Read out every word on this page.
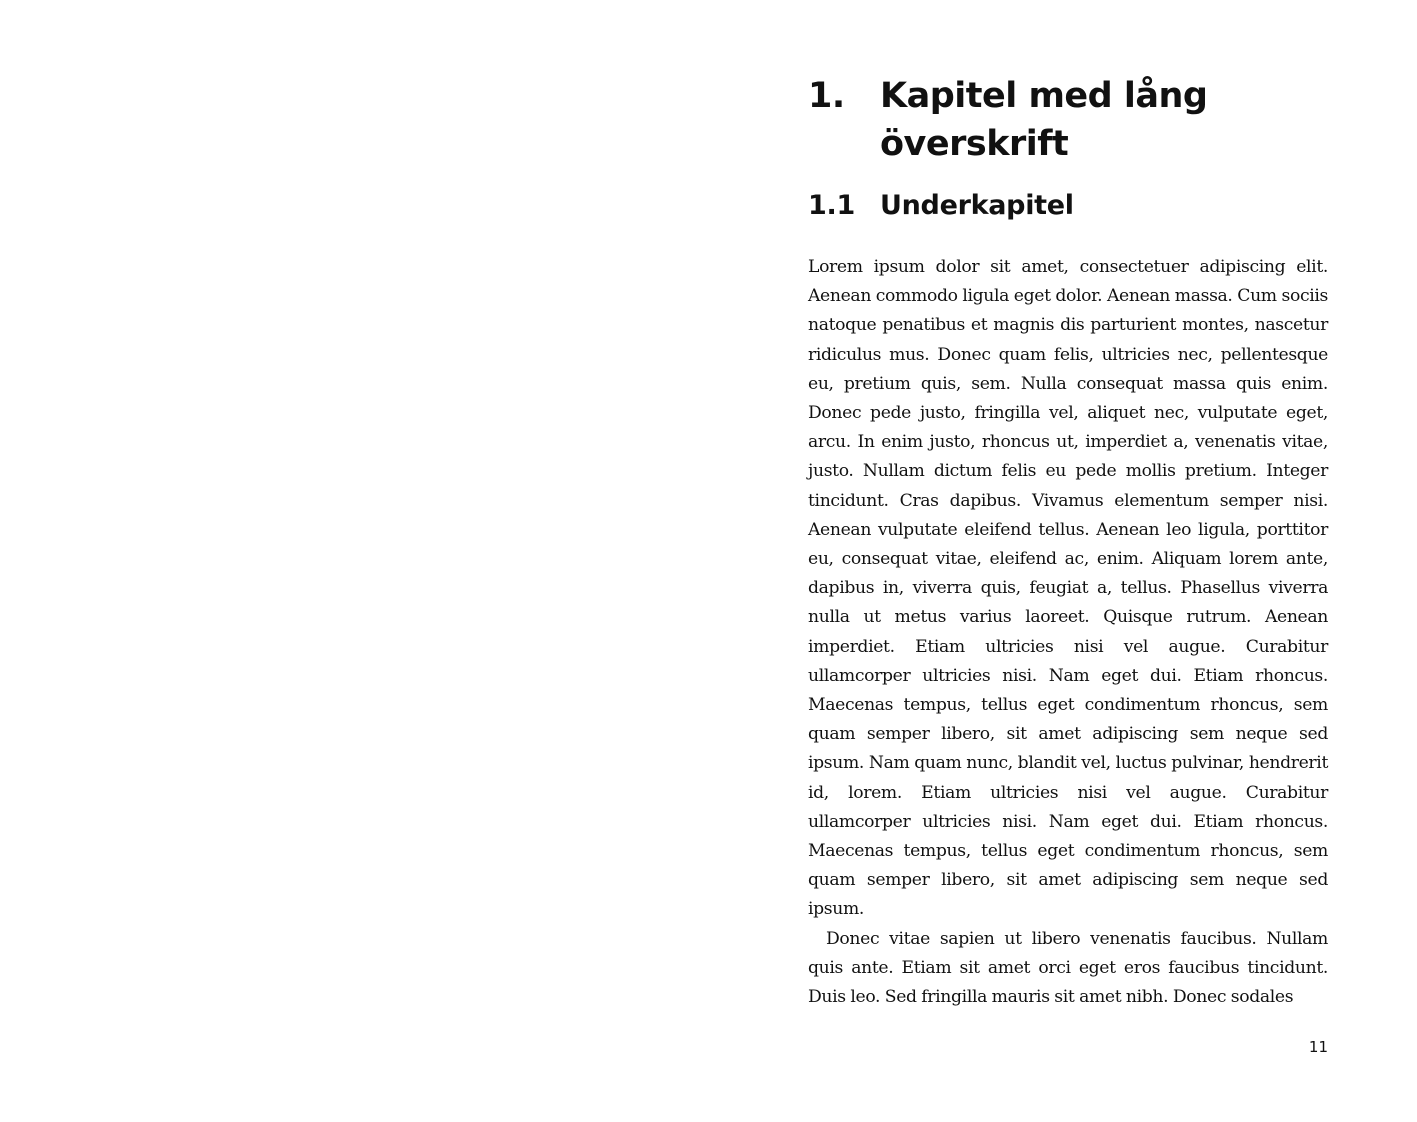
1.	Kapitel med lång överskrift
1.1 Underkapitel

Lorem ipsum dolor sit amet, consectetuer adipiscing elit. Aenean commodo ligula eget dolor. Aenean massa. Cum sociis natoque penatibus et magnis dis parturient montes, nascetur ridiculus mus. Donec quam felis, ultricies nec, pellentesque eu, pretium quis, sem. Nulla consequat massa quis enim. Donec pede justo, fringilla vel, aliquet nec, vulputate eget, arcu. In enim justo, rhoncus ut, imperdiet a, venenatis vitae, justo. Nullam dictum felis eu pede mollis pretium. Integer tincidunt. Cras dapibus. Vivamus elementum semper nisi. Aenean vulputate eleifend tellus. Aenean leo ligula, porttitor eu, consequat vitae, eleifend ac, enim. Aliquam lorem ante, dapibus in, viverra quis, feugiat a, tellus. Phasellus viverra nulla ut metus varius laoreet. Quisque rutrum. Aenean imperdiet. Etiam ultricies nisi vel augue. Curabitur ullamcorper ultricies nisi. Nam eget dui. Etiam rhoncus. Maecenas tempus, tellus eget condimentum rhoncus, sem quam semper libero, sit amet adipiscing sem neque sed ipsum. Nam quam nunc, blandit vel, luctus pulvinar, hendrerit id, lorem. Etiam ultricies nisi vel augue. Curabitur ullamcorper ultricies nisi. Nam eget dui. Etiam rhoncus. Maecenas tempus, tellus eget condimentum rhoncus, sem quam semper libero, sit amet adipiscing sem neque sed ipsum.

Donec vitae sapien ut libero venenatis faucibus. Nullam quis ante. Etiam sit amet orci eget eros faucibus tincidunt. Duis leo. Sed fringilla mauris sit amet nibh. Donec sodales

11
